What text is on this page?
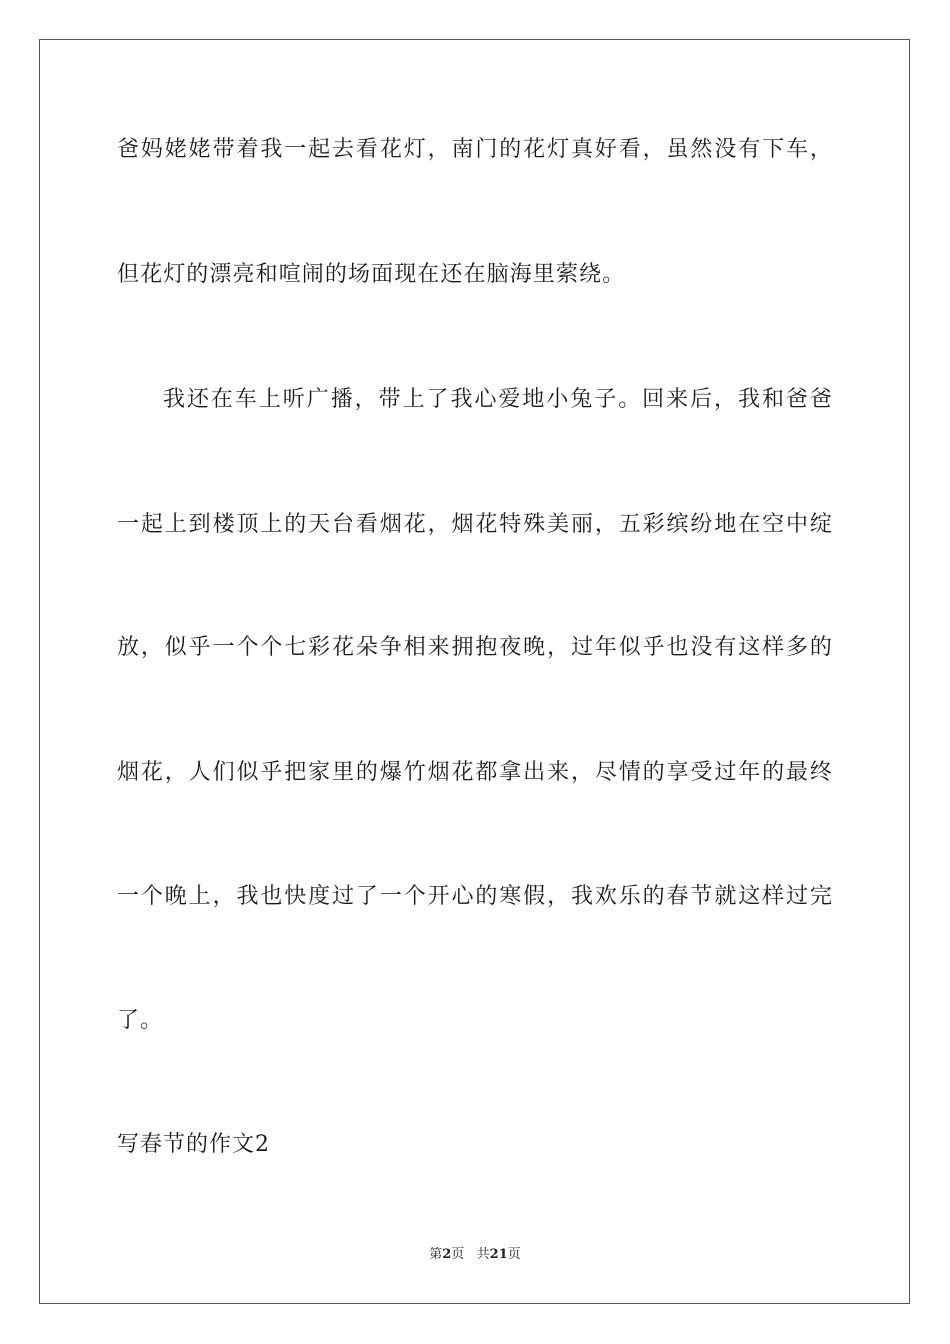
爸妈姥姥带着我一起去看花灯，南门的花灯真好看，虽然没有下车，
但花灯的漂亮和喧闹的场面现在还在脑海里萦绕。
我还在车上听广播，带上了我心爱地小兔子。回来后，我和爸爸
一起上到楼顶上的天台看烟花，烟花特殊美丽，五彩缤纷地在空中绽
放，似乎一个个七彩花朵争相来拥抱夜晚，过年似乎也没有这样多的
烟花，人们似乎把家里的爆竹烟花都拿出来，尽情的享受过年的最终
一个晚上，我也快度过了一个开心的寒假，我欢乐的春节就这样过完
了。
写春节的作文2
第2页   共21页
